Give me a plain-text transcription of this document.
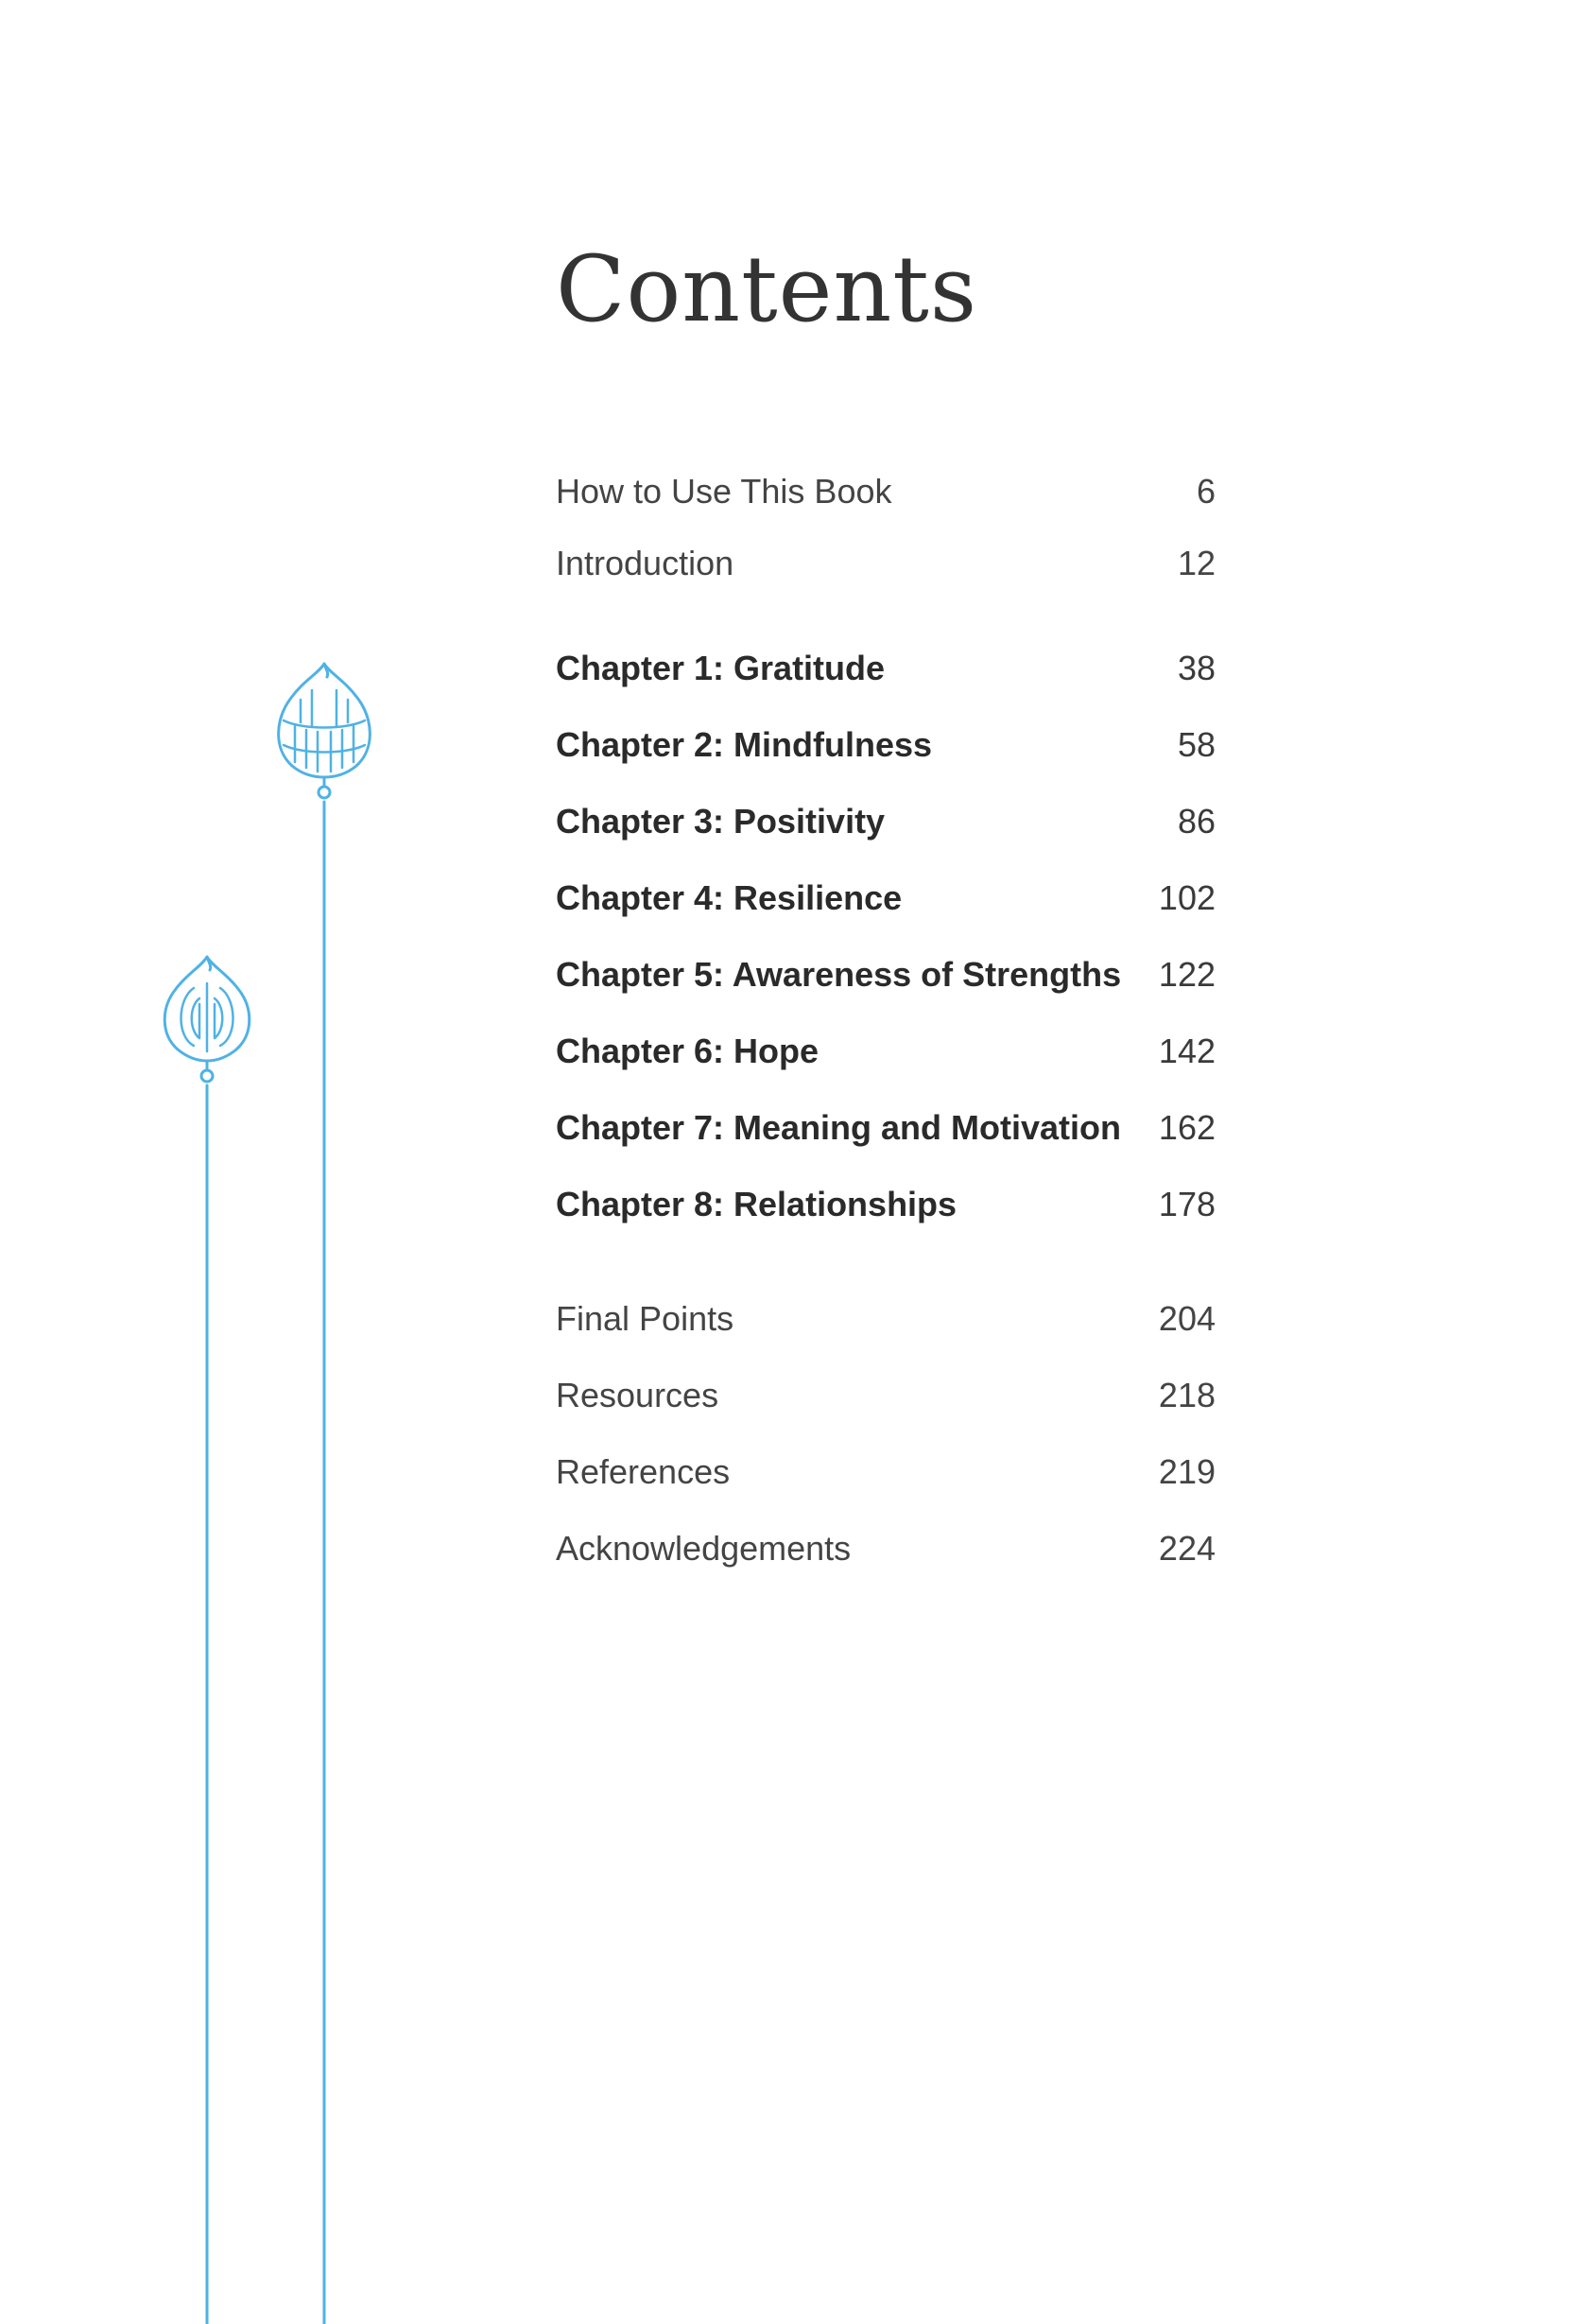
Contents
How to Use This Book	6
Introduction	12
Chapter 1: Gratitude	38
Chapter 2: Mindfulness	58
Chapter 3: Positivity	86
Chapter 4: Resilience	102
Chapter 5: Awareness of Strengths 122
Chapter 6: Hope	142
Chapter 7: Meaning and Motivation 162
Chapter 8: Relationships	178
Final Points	204
Resources	218
References	219
Acknowledgements	224
